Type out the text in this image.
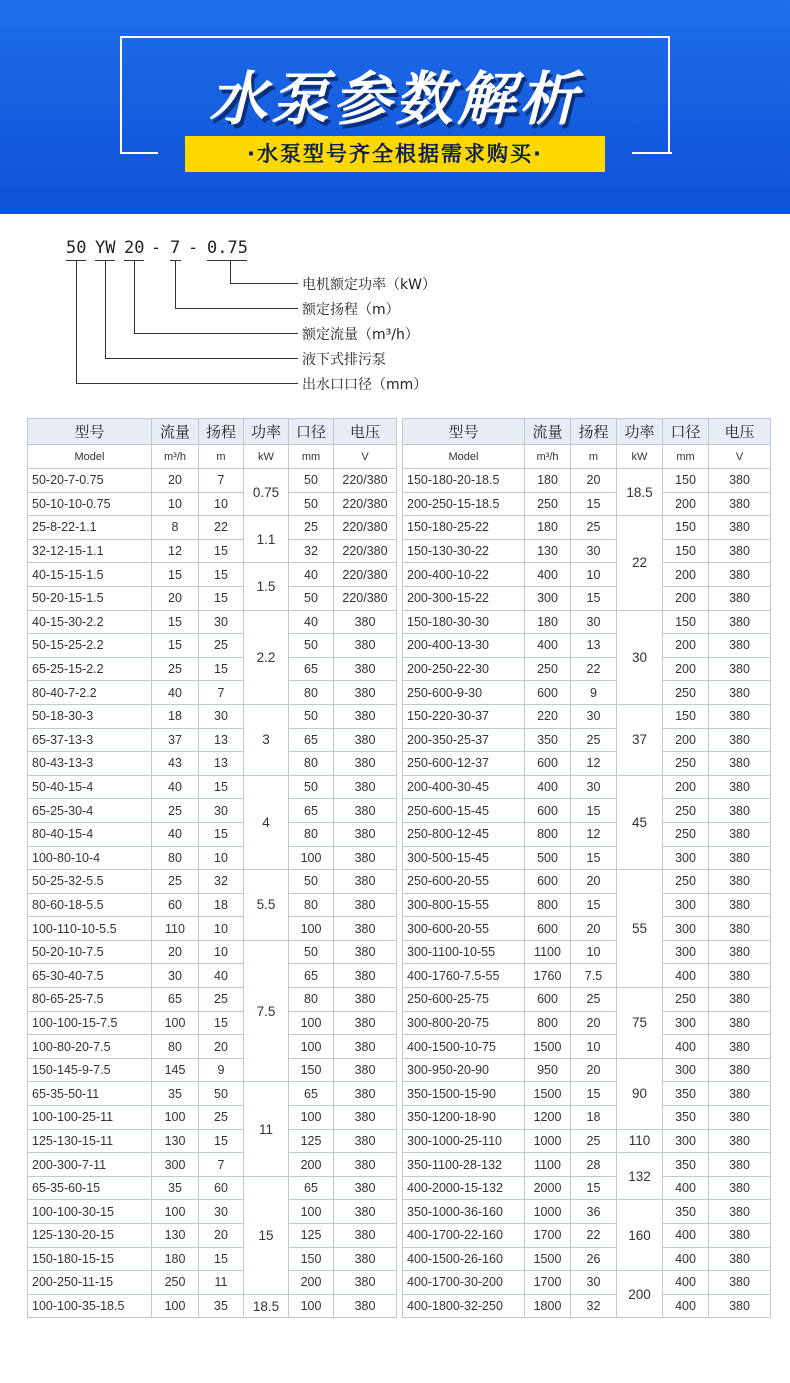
水泵参数解析
·水泵型号齐全根据需求购买·
50 YW 20 - 7 - 0.75
电机额定功率（kW）
额定扬程（m）
额定流量（m³/h）
液下式排污泵
出水口口径（mm）
型号	流量	扬程	功率	口径	电压
Model	m³/h	m	kW	mm	V
50-20-7-0.75	20	7	0.75	50	220/380
50-10-10-0.75	10	10		50	220/380
25-8-22-1.1	8	22	1.1	25	220/380
32-12-15-1.1	12	15		32	220/380
40-15-15-1.5	15	15	1.5	40	220/380
50-20-15-1.5	20	15		50	220/380
40-15-30-2.2	15	30	2.2	40	380
50-15-25-2.2	15	25		50	380
65-25-15-2.2	25	15		65	380
80-40-7-2.2	40	7		80	380
50-18-30-3	18	30	3	50	380
65-37-13-3	37	13		65	380
80-43-13-3	43	13		80	380
50-40-15-4	40	15	4	50	380
65-25-30-4	25	30		65	380
80-40-15-4	40	15		80	380
100-80-10-4	80	10		100	380
50-25-32-5.5	25	32	5.5	50	380
80-60-18-5.5	60	18		80	380
100-110-10-5.5	110	10		100	380
50-20-10-7.5	20	10	7.5	50	380
65-30-40-7.5	30	40		65	380
80-65-25-7.5	65	25		80	380
100-100-15-7.5	100	15		100	380
100-80-20-7.5	80	20		100	380
150-145-9-7.5	145	9		150	380
65-35-50-11	35	50	11	65	380
100-100-25-11	100	25		100	380
125-130-15-11	130	15		125	380
200-300-7-11	300	7		200	380
65-35-60-15	35	60	15	65	380
100-100-30-15	100	30		100	380
125-130-20-15	130	20		125	380
150-180-15-15	180	15		150	380
200-250-11-15	250	11		200	380
100-100-35-18.5	100	35	18.5	100	380
型号	流量	扬程	功率	口径	电压
Model	m³/h	m	kW	mm	V
150-180-20-18.5	180	20	18.5	150	380
200-250-15-18.5	250	15		200	380
150-180-25-22	180	25	22	150	380
150-130-30-22	130	30		150	380
200-400-10-22	400	10		200	380
200-300-15-22	300	15		200	380
150-180-30-30	180	30	30	150	380
200-400-13-30	400	13		200	380
200-250-22-30	250	22		200	380
250-600-9-30	600	9		250	380
150-220-30-37	220	30	37	150	380
200-350-25-37	350	25		200	380
250-600-12-37	600	12		250	380
200-400-30-45	400	30	45	200	380
250-600-15-45	600	15		250	380
250-800-12-45	800	12		250	380
300-500-15-45	500	15		300	380
250-600-20-55	600	20	55	250	380
300-800-15-55	800	15		300	380
300-600-20-55	600	20		300	380
300-1100-10-55	1100	10		300	380
400-1760-7.5-55	1760	7.5		400	380
250-600-25-75	600	25	75	250	380
300-800-20-75	800	20		300	380
400-1500-10-75	1500	10		400	380
300-950-20-90	950	20	90	300	380
350-1500-15-90	1500	15		350	380
350-1200-18-90	1200	18		350	380
300-1000-25-110	1000	25	110	300	380
350-1100-28-132	1100	28	132	350	380
400-2000-15-132	2000	15		400	380
350-1000-36-160	1000	36	160	350	380
400-1700-22-160	1700	22		400	380
400-1500-26-160	1500	26		400	380
400-1700-30-200	1700	30	200	400	380
400-1800-32-250	1800	32		400	380
